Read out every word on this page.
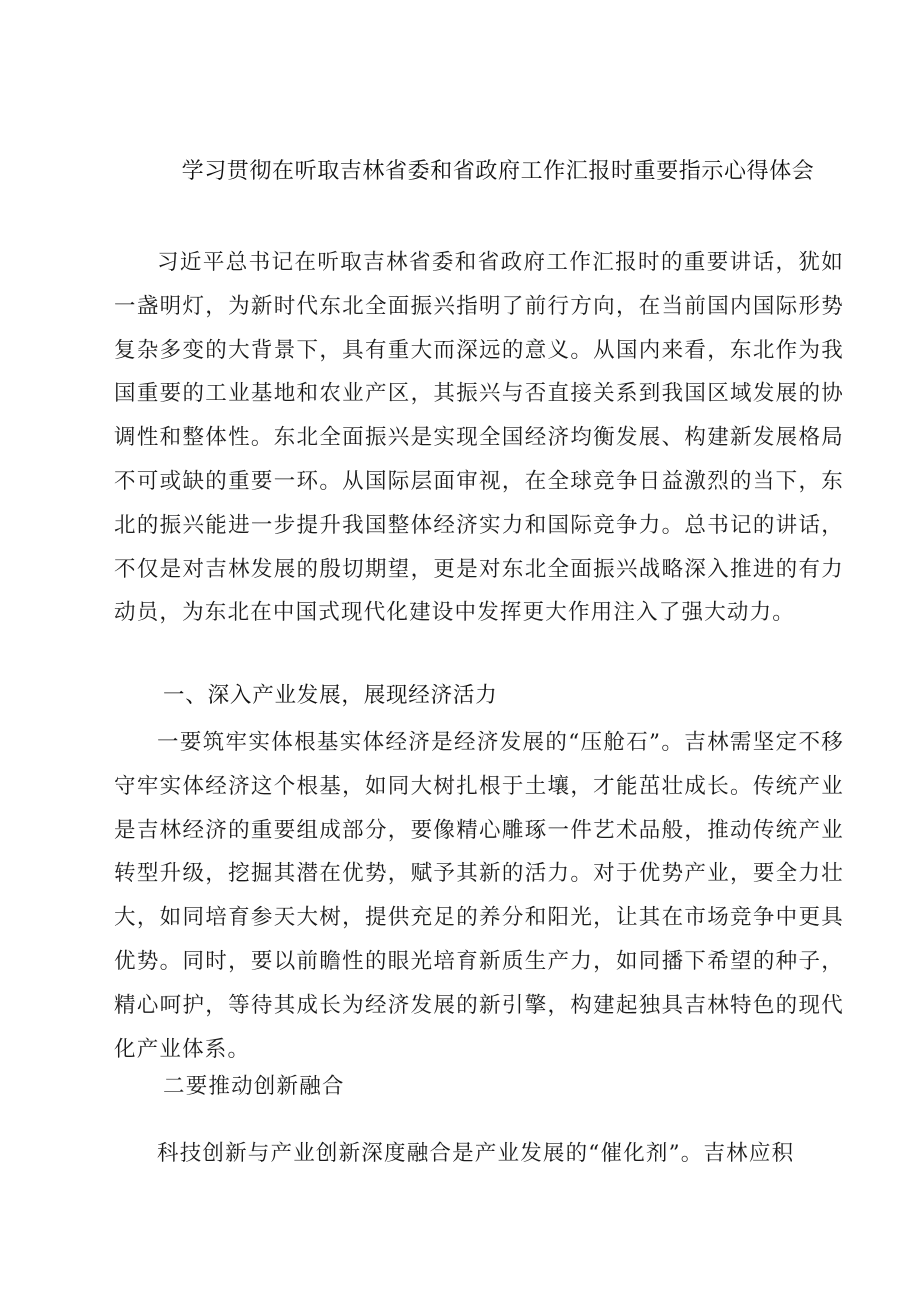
学习贯彻在听取吉林省委和省政府工作汇报时重要指示心得体会

习近平总书记在听取吉林省委和省政府工作汇报时的重要讲话，犹如一盏明灯，为新时代东北全面振兴指明了前行方向，在当前国内国际形势复杂多变的大背景下，具有重大而深远的意义。从国内来看，东北作为我国重要的工业基地和农业产区，其振兴与否直接关系到我国区域发展的协调性和整体性。东北全面振兴是实现全国经济均衡发展、构建新发展格局不可或缺的重要一环。从国际层面审视，在全球竞争日益激烈的当下，东北的振兴能进一步提升我国整体经济实力和国际竞争力。总书记的讲话，不仅是对吉林发展的殷切期望，更是对东北全面振兴战略深入推进的有力动员，为东北在中国式现代化建设中发挥更大作用注入了强大动力。

一、深入产业发展，展现经济活力

一要筑牢实体根基实体经济是经济发展的“压舱石”。吉林需坚定不移守牢实体经济这个根基，如同大树扎根于土壤，才能茁壮成长。传统产业是吉林经济的重要组成部分，要像精心雕琢一件艺术品般，推动传统产业转型升级，挖掘其潜在优势，赋予其新的活力。对于优势产业，要全力壮大，如同培育参天大树，提供充足的养分和阳光，让其在市场竞争中更具优势。同时，要以前瞻性的眼光培育新质生产力，如同播下希望的种子，精心呵护，等待其成长为经济发展的新引擎，构建起独具吉林特色的现代化产业体系。

二要推动创新融合

科技创新与产业创新深度融合是产业发展的“催化剂”。吉林应积
